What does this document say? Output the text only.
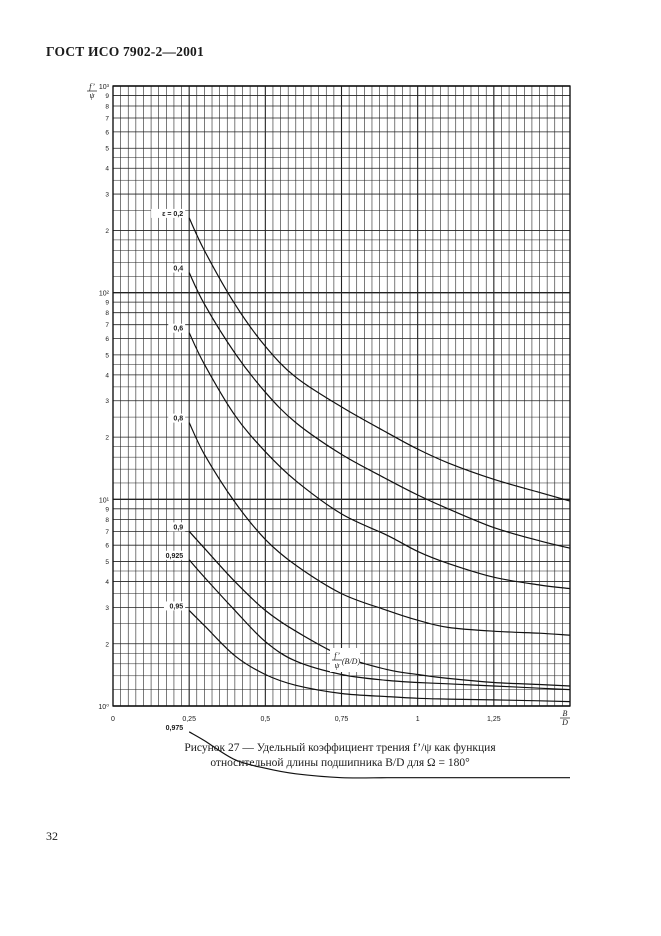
ГОСТ ИСО 7902-2—2001
10⁰
2
3
4
5
6
7
8
9
10¹
2
3
4
5
6
7
8
9
10²
2
3
4
5
6
7
8
9
10³
0	0,25	0,5	0,75	1	1,25
f’
ψ
B
D
f’
ψ (B/D)
ε = 0,2
0,4
0,6
0,8
0,9
0,925
0,95
0,975
Рисунок 27 — Удельный коэффициент трения f’/ψ как функция
относительной длины подшипника B/D для Ω = 180°
32
